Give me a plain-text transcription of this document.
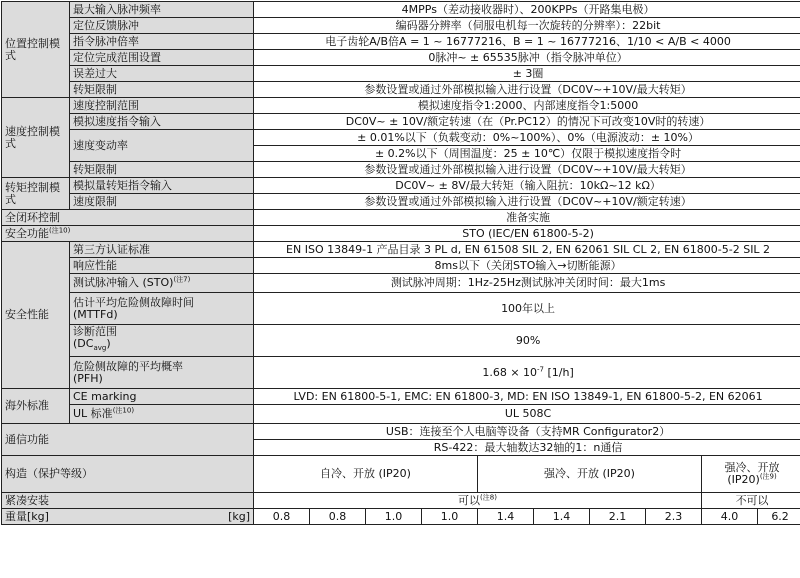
位置控制模式	最大输入脉冲频率	4MPPs（差动接收器时）、200KPPs（开路集电极）									
	定位反馈脉冲	编码器分辨率（伺服电机每一次旋转的分辨率）：22bit									
	指令脉冲倍率	电子齿轮A/B倍A = 1 ~ 16777216、B = 1 ~ 16777216、1/10 < A/B < 4000									
	定位完成范围设置	0脉冲~ ± 65535脉冲（指令脉冲单位）									
	误差过大	± 3圈									
	转矩限制	参数设置或通过外部模拟输入进行设置（DC0V~+10V/最大转矩）									
速度控制模式	速度控制范围	模拟速度指令1:2000、内部速度指令1:5000									
	模拟速度指令输入	DC0V~ ± 10V/额定转速（在（Pr.PC12）的情况下可改变10V时的转速）									
	速度变动率	± 0.01%以下（负载变动：0%~100%）、0%（电源波动：± 10%）									
		± 0.2%以下（周围温度：25 ± 10℃）仅限于模拟速度指令时									
	转矩限制	参数设置或通过外部模拟输入进行设置（DC0V~+10V/最大转矩）									
转矩控制模式	模拟量转矩指令输入	DC0V~ ± 8V/最大转矩（输入阻抗：10kΩ~12 kΩ）									
	速度限制	参数设置或通过外部模拟输入进行设置（DC0V~+10V/额定转速）									
全闭环控制		准备实施									
安全功能$^{(注10)}$		STO (IEC/EN 61800-5-2)									
安全性能	第三方认证标准	EN ISO 13849-1 产品目录 3 PL d, EN 61508 SIL 2, EN 62061 SIL CL 2, EN 61800-5-2 SIL 2									
	响应性能	8ms以下（关闭STO输入→切断能源）									
	测试脉冲输入 (STO)$^{(注7)}$	测试脉冲周期：1Hz-25Hz测试脉冲关闭时间：最大1ms									
	估计平均危险侧故障时间
(MTTFd)	100年以上									
	诊断范围
$(DC_{avg})$	90%									
	危险侧故障的平均概率
(PFH)	$1.68 \times 10^{-7}$ [1/h]									
海外标准	CE marking	LVD: EN 61800-5-1, EMC: EN 61800-3, MD: EN ISO 13849-1, EN 61800-5-2, EN 62061									
	UL 标准$^{(注10)}$	UL 508C									
通信功能		USB：连接至个人电脑等设备（支持MR Configurator2）									
		RS-422：最大轴数达32轴的1：n通信									
构造（保护等级）		自冷、开放 (IP20)				强冷、开放 (IP20)				强冷、开放
$(IP20)^{(注9)}$
紧凑安装		可以$^{(注8)}$								不可以	
重量[kg] [kg]		0.8	0.8	1.0	1.0	1.4	1.4	2.1	2.3	4.0	6.2
